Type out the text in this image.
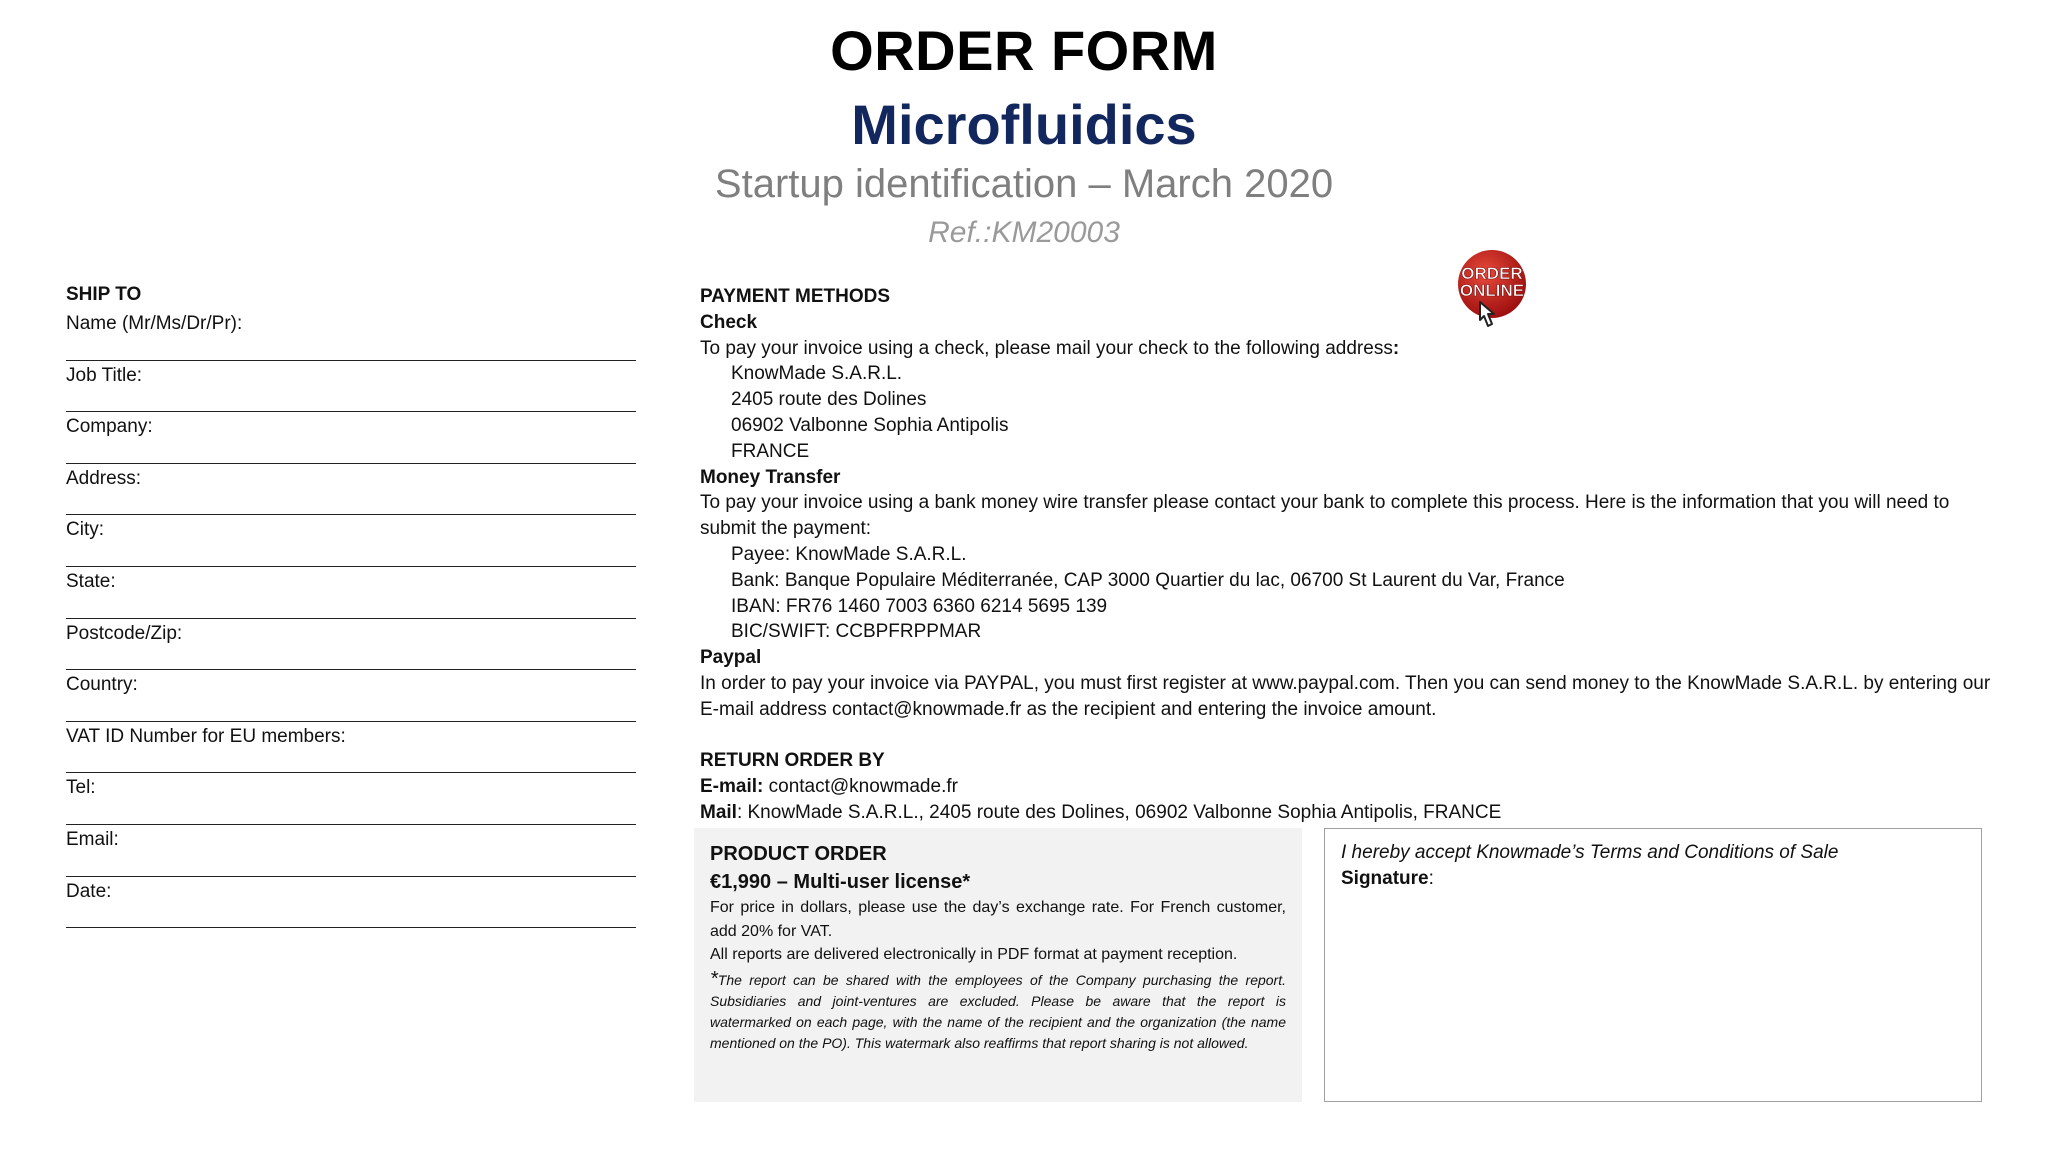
ORDER FORM
Microfluidics
Startup identification – March 2020
Ref.:KM20003
ORDER
ONLINE
SHIP TO
Name (Mr/Ms/Dr/Pr):
Job Title:
Company:
Address:
City:
State:
Postcode/Zip:
Country:
VAT ID Number for EU members:
Tel:
Email:
Date:
PAYMENT METHODS
Check
To pay your invoice using a check, please mail your check to the following address:
KnowMade S.A.R.L.
2405 route des Dolines
06902 Valbonne Sophia Antipolis
FRANCE
Money Transfer
To pay your invoice using a bank money wire transfer please contact your bank to complete this process. Here is the information that you will need to submit the payment:
Payee: KnowMade S.A.R.L.
Bank: Banque Populaire Méditerranée, CAP 3000 Quartier du lac, 06700 St Laurent du Var, France
IBAN: FR76 1460 7003 6360 6214 5695 139
BIC/SWIFT: CCBPFRPPMAR
Paypal
In order to pay your invoice via PAYPAL, you must first register at www.paypal.com. Then you can send money to the KnowMade S.A.R.L. by entering our E-mail address contact@knowmade.fr as the recipient and entering the invoice amount.
RETURN ORDER BY
E-mail: contact@knowmade.fr
Mail: KnowMade S.A.R.L., 2405 route des Dolines, 06902 Valbonne Sophia Antipolis, FRANCE
PRODUCT ORDER
€1,990 – Multi-user license*
For price in dollars, please use the day’s exchange rate. For French customer, add 20% for VAT.
All reports are delivered electronically in PDF format at payment reception.
*The report can be shared with the employees of the Company purchasing the report. Subsidiaries and joint-ventures are excluded. Please be aware that the report is watermarked on each page, with the name of the recipient and the organization (the name mentioned on the PO). This watermark also reaffirms that report sharing is not allowed.
I hereby accept Knowmade’s Terms and Conditions of Sale
Signature:
